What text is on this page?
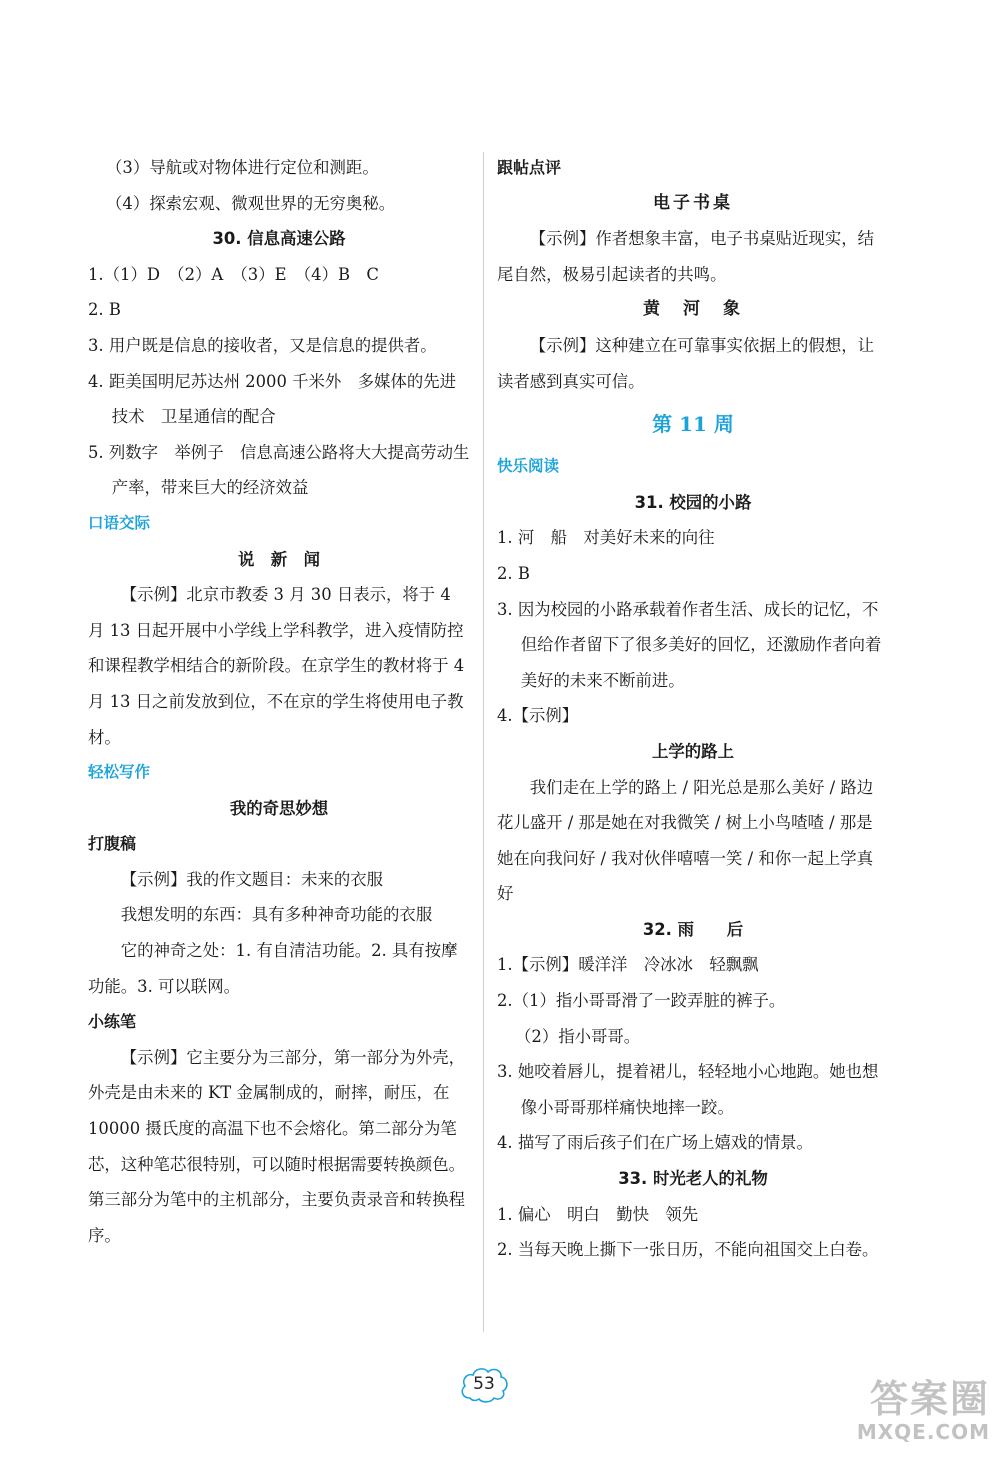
（3）导航或对物体进行定位和测距。

（4）探索宏观、微观世界的无穷奥秘。

30. 信息高速公路

1.（1）D　（2）A　（3）E　（4）B　C

2. B

3. 用户既是信息的接收者，又是信息的提供者。

4. 距美国明尼苏达州 2000 千米外　多媒体的先进技术　卫星通信的配合

5. 列数字　举例子　信息高速公路将大大提高劳动生产率，带来巨大的经济效益

口语交际
说　新　闻

【示例】北京市教委 3 月 30 日表示，将于 4 月 13 日起开展中小学线上学科教学，进入疫情防控和课程教学相结合的新阶段。在京学生的教材将于 4 月 13 日之前发放到位，不在京的学生将使用电子教材。

轻松写作
我的奇思妙想
打腹稿

【示例】我的作文题目：未来的衣服

我想发明的东西：具有多种神奇功能的衣服

它的神奇之处：1. 有自清洁功能。2. 具有按摩功能。3. 可以联网。

小练笔

【示例】它主要分为三部分，第一部分为外壳，外壳是由未来的 KT 金属制成的，耐摔，耐压，在 10000 摄氏度的高温下也不会熔化。第二部分为笔芯，这种笔芯很特别，可以随时根据需要转换颜色。第三部分为笔中的主机部分，主要负责录音和转换程序。

跟帖点评
电子书桌

【示例】作者想象丰富，电子书桌贴近现实，结尾自然，极易引起读者的共鸣。

黄　河　象

【示例】这种建立在可靠事实依据上的假想，让读者感到真实可信。

第 11 周
快乐阅读
31. 校园的小路

1. 河　船　对美好未来的向往

2. B

3. 因为校园的小路承载着作者生活、成长的记忆，不但给作者留下了很多美好的回忆，还激励作者向着美好的未来不断前进。

4.【示例】

上学的路上

我们走在上学的路上 / 阳光总是那么美好 / 路边花儿盛开 / 那是她在对我微笑 / 树上小鸟喳喳 / 那是她在向我问好 / 我对伙伴嘻嘻一笑 / 和你一起上学真好

32. 雨　　后

1.【示例】暖洋洋　冷冰冰　轻飘飘

2.（1）指小哥哥滑了一跤弄脏的裤子。

（2）指小哥哥。

3. 她咬着唇儿，提着裙儿，轻轻地小心地跑。她也想像小哥哥那样痛快地摔一跤。

4. 描写了雨后孩子们在广场上嬉戏的情景。

33. 时光老人的礼物

1. 偏心　明白　勤快　领先

2. 当每天晚上撕下一张日历，不能向祖国交上白卷。

53	答案圈
MXQE.COM
